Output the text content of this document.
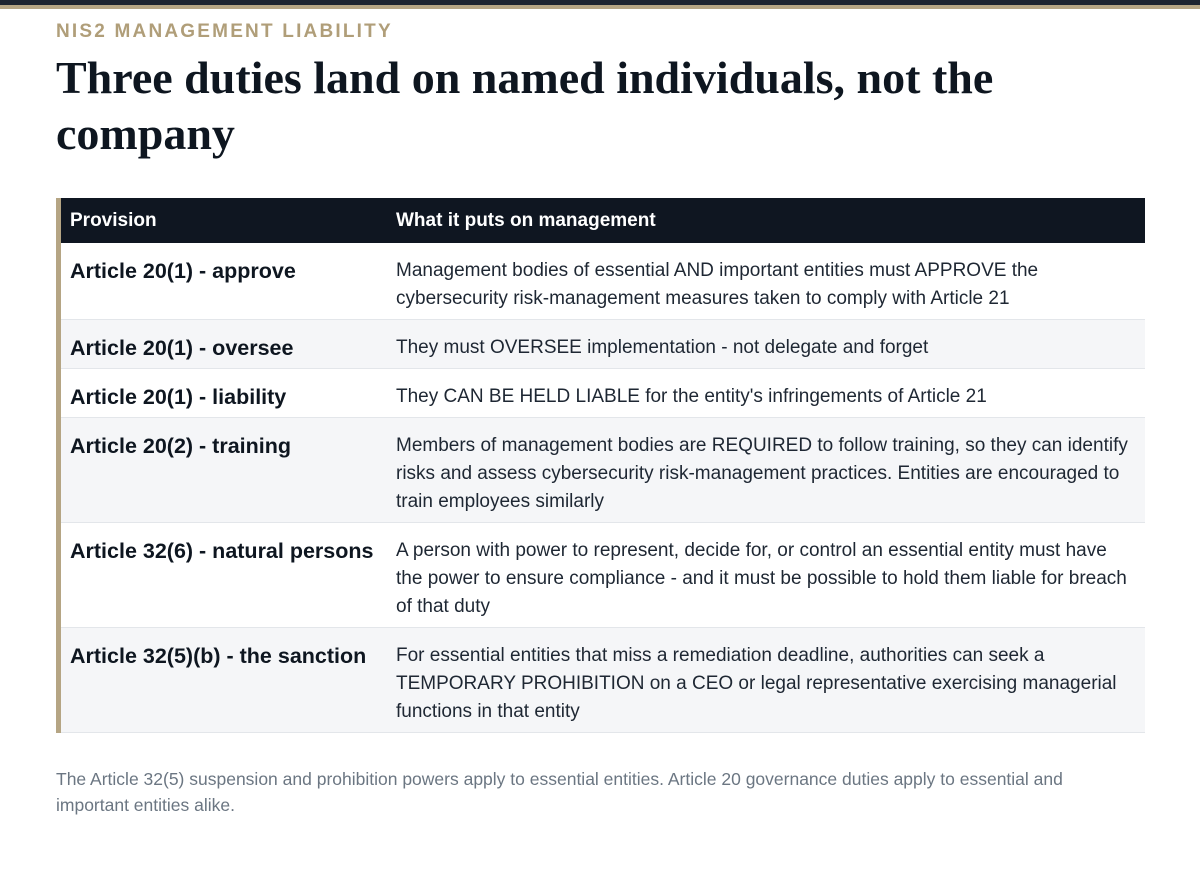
NIS2 MANAGEMENT LIABILITY
Three duties land on named individuals, not the company
Provision	What it puts on management
Article 20(1) - approve	Management bodies of essential AND important entities must APPROVE the cybersecurity risk-management measures taken to comply with Article 21
Article 20(1) - oversee	They must OVERSEE implementation - not delegate and forget
Article 20(1) - liability	They CAN BE HELD LIABLE for the entity's infringements of Article 21
Article 20(2) - training	Members of management bodies are REQUIRED to follow training, so they can identify risks and assess cybersecurity risk-management practices. Entities are encouraged to train employees similarly
Article 32(6) - natural persons	A person with power to represent, decide for, or control an essential entity must have the power to ensure compliance - and it must be possible to hold them liable for breach of that duty
Article 32(5)(b) - the sanction	For essential entities that miss a remediation deadline, authorities can seek a TEMPORARY PROHIBITION on a CEO or legal representative exercising managerial functions in that entity
The Article 32(5) suspension and prohibition powers apply to essential entities. Article 20 governance duties apply to essential and important entities alike.
